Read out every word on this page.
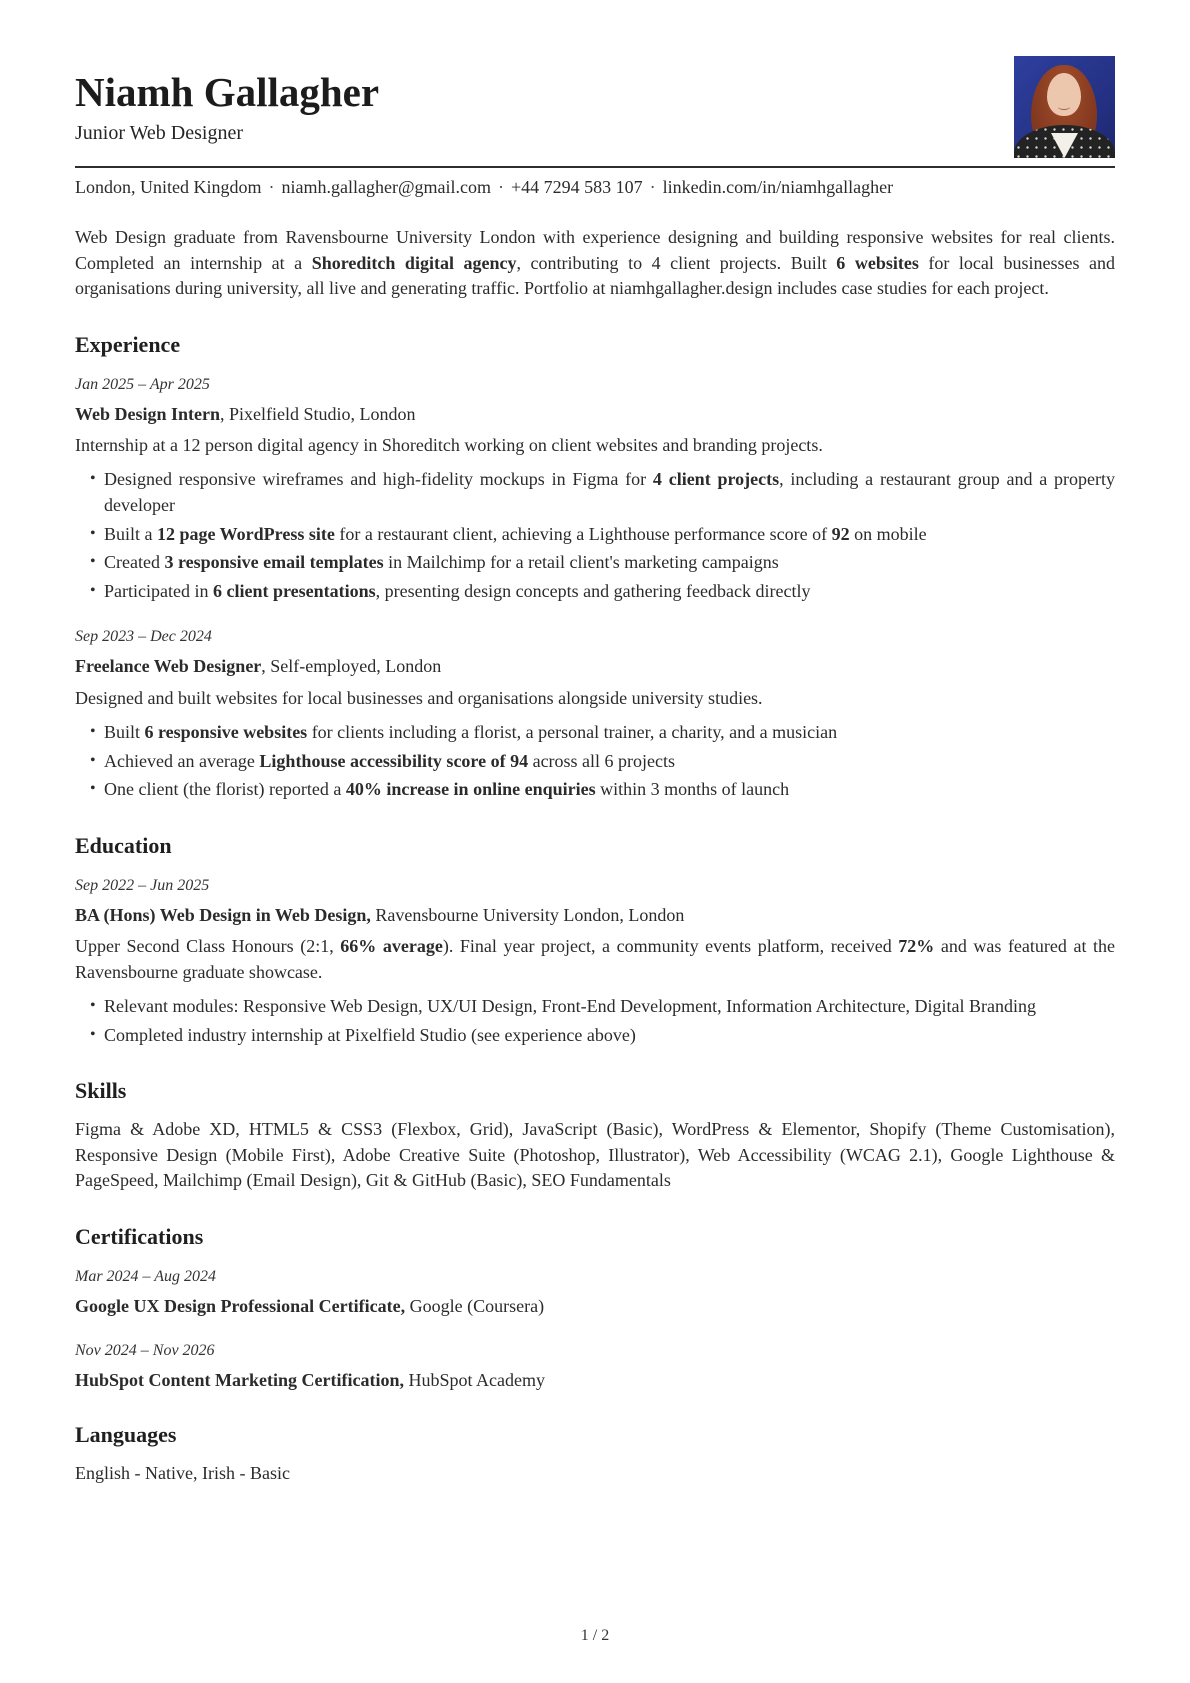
Niamh Gallagher
Junior Web Designer
London, United Kingdom · niamh.gallagher@gmail.com · +44 7294 583 107 · linkedin.com/in/niamhgallagher

Web Design graduate from Ravensbourne University London with experience designing and building responsive websites for real clients. Completed an internship at a Shoreditch digital agency, contributing to 4 client projects. Built 6 websites for local businesses and organisations during university, all live and generating traffic. Portfolio at niamhgallagher.design includes case studies for each project.

Experience
Jan 2025 – Apr 2025
Web Design Intern, Pixelfield Studio, London

Internship at a 12 person digital agency in Shoreditch working on client websites and branding projects.

• Designed responsive wireframes and high-fidelity mockups in Figma for 4 client projects, including a restaurant group and a property developer
• Built a 12 page WordPress site for a restaurant client, achieving a Lighthouse performance score of 92 on mobile
• Created 3 responsive email templates in Mailchimp for a retail client's marketing campaigns
• Participated in 6 client presentations, presenting design concepts and gathering feedback directly
Sep 2023 – Dec 2024
Freelance Web Designer, Self-employed, London

Designed and built websites for local businesses and organisations alongside university studies.

• Built 6 responsive websites for clients including a florist, a personal trainer, a charity, and a musician
• Achieved an average Lighthouse accessibility score of 94 across all 6 projects
• One client (the florist) reported a 40% increase in online enquiries within 3 months of launch
Education
Sep 2022 – Jun 2025
BA (Hons) Web Design in Web Design, Ravensbourne University London, London

Upper Second Class Honours (2:1, 66% average). Final year project, a community events platform, received 72% and was featured at the Ravensbourne graduate showcase.

• Relevant modules: Responsive Web Design, UX/UI Design, Front-End Development, Information Architecture, Digital Branding
• Completed industry internship at Pixelfield Studio (see experience above)
Skills

Figma & Adobe XD, HTML5 & CSS3 (Flexbox, Grid), JavaScript (Basic), WordPress & Elementor, Shopify (Theme Customisation), Responsive Design (Mobile First), Adobe Creative Suite (Photoshop, Illustrator), Web Accessibility (WCAG 2.1), Google Lighthouse & PageSpeed, Mailchimp (Email Design), Git & GitHub (Basic), SEO Fundamentals

Certifications
Mar 2024 – Aug 2024
Google UX Design Professional Certificate, Google (Coursera)
Nov 2024 – Nov 2026
HubSpot Content Marketing Certification, HubSpot Academy
Languages

English - Native, Irish - Basic

1 / 2
